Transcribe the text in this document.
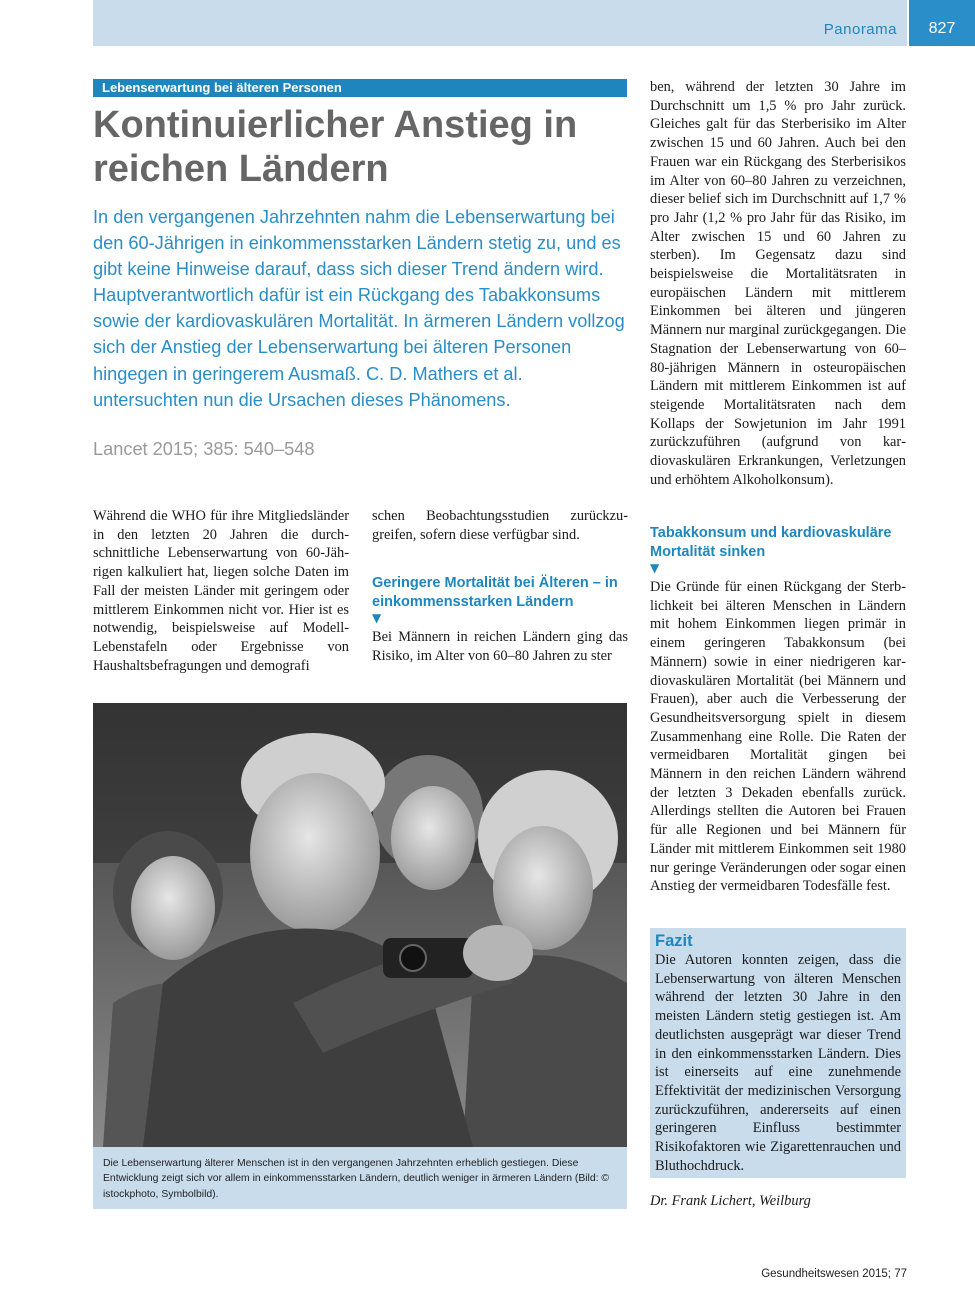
Panorama	827
Lebenserwartung bei älteren Personen
Kontinuierlicher Anstieg in reichen Ländern

In den vergangenen Jahrzehnten nahm die Lebenserwartung bei den 60-Jährigen in einkommensstarken Ländern stetig zu, und es gibt keine Hinweise darauf, dass sich dieser Trend ändern wird. Hauptverantwortlich dafür ist ein Rückgang des Tabakkonsums sowie der kardiovaskulären Mortalität. In ärmeren Ländern vollzog sich der Anstieg der Lebenserwartung bei älteren Personen hingegen in geringerem Ausmaß. C. D. Mathers et al. untersuchten nun die Ursachen dieses Phänomens.

Lancet 2015; 385: 540–548

Während die WHO für ihre Mitgliedsländer in den letzten 20 Jahren die durchschnittliche Lebenserwartung von 60-Jährigen kalkuliert hat, liegen solche Daten im Fall der meisten Länder mit geringem oder mittlerem Einkommen nicht vor. Hier ist es notwendig, beispielsweise auf Modell-Lebenstafeln oder Ergebnisse von Haushaltsbefragungen und demografi

schen Beobachtungsstudien zurückzugreifen, sofern diese verfügbar sind.

Geringere Mortalität bei Älteren – in einkommensstarken Ländern

▼

Bei Männern in reichen Ländern ging das Risiko, im Alter von 60–80 Jahren zu ster

ben, während der letzten 30 Jahre im Durchschnitt um 1,5 % pro Jahr zurück. Gleiches galt für das Sterberisiko im Alter zwischen 15 und 60 Jahren. Auch bei den Frauen war ein Rückgang des Sterberisikos im Alter von 60–80 Jahren zu verzeichnen, dieser belief sich im Durchschnitt auf 1,7 % pro Jahr (1,2 % pro Jahr für das Risiko, im Alter zwischen 15 und 60 Jahren zu sterben). Im Gegensatz dazu sind beispielsweise die Mortalitätsraten in europäischen Ländern mit mittlerem Einkommen bei älteren und jüngeren Männern nur marginal zurückgegangen. Die Stagnation der Lebenserwartung von 60–80-jährigen Männern in osteuropäischen Ländern mit mittlerem Einkommen ist auf steigende Mortalitätsraten nach dem Kollaps der Sowjetunion im Jahr 1991 zurückzuführen (aufgrund von kardiovaskulären Erkrankungen, Verletzungen und erhöhtem Alkoholkonsum).

Tabakkonsum und kardiovaskuläre Mortalität sinken

▼

Die Gründe für einen Rückgang der Sterblichkeit bei älteren Menschen in Ländern mit hohem Einkommen liegen primär in einem geringeren Tabakkonsum (bei Männern) sowie in einer niedrigeren kardiovaskulären Mortalität (bei Männern und Frauen), aber auch die Verbesserung der Gesundheitsversorgung spielt in diesem Zusammenhang eine Rolle. Die Raten der vermeidbaren Mortalität gingen bei Männern in den reichen Ländern während der letzten 3 Dekaden ebenfalls zurück. Allerdings stellten die Autoren bei Frauen für alle Regionen und bei Männern für Länder mit mittlerem Einkommen seit 1980 nur geringe Veränderungen oder sogar einen Anstieg der vermeidbaren Todesfälle fest.

Die Lebenserwartung älterer Menschen ist in den vergangenen Jahrzehnten erheblich gestiegen. Diese Entwicklung zeigt sich vor allem in einkommensstarken Ländern, deutlich weniger in ärmeren Ländern (Bild: © istockphoto, Symbolbild).

Fazit

Die Autoren konnten zeigen, dass die Lebenserwartung von älteren Menschen während der letzten 30 Jahre in den meisten Ländern stetig gestiegen ist. Am deutlichsten ausgeprägt war dieser Trend in den einkommensstarken Ländern. Dies ist einerseits auf eine zunehmende Effektivität der medizinischen Versorgung zurückzuführen, andererseits auf einen geringeren Einfluss bestimmter Risikofaktoren wie Zigarettenrauchen und Bluthochdruck.

Dr. Frank Lichert, Weilburg
Gesundheitswesen 2015; 77
